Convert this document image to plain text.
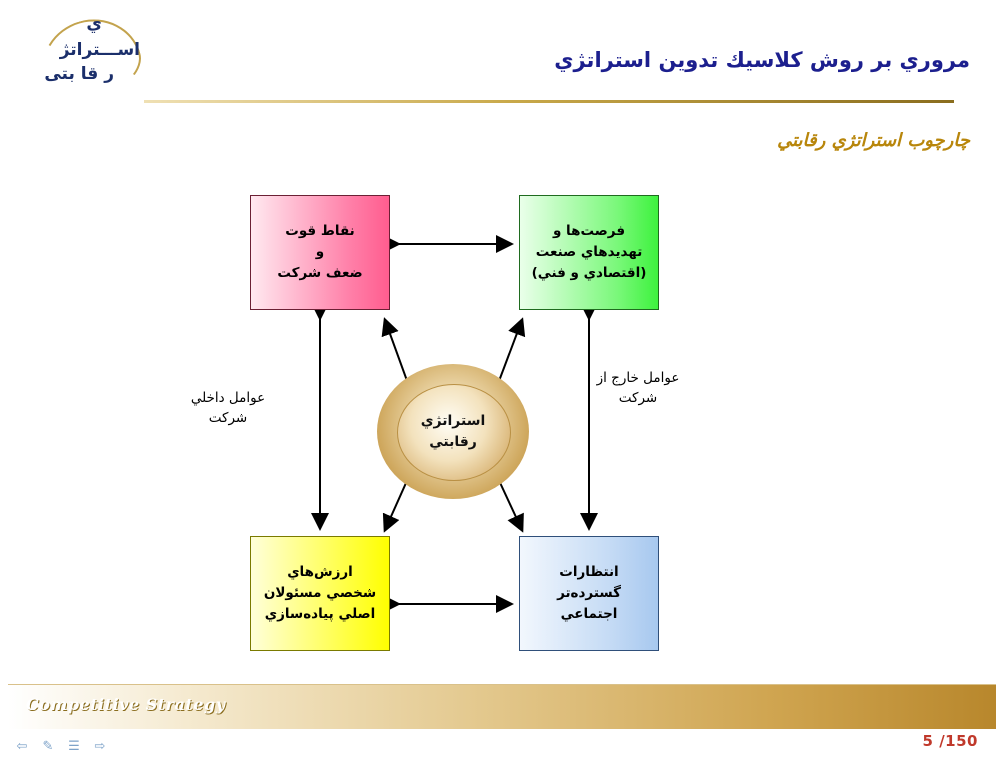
ي
اســـتراتژ
ر قا بتى
مروري بر روش كلاسيك تدوين استراتژي
چارچوب استراتژي رقابتي
نقاط قوت
و
ضعف شركت
فرصت‌ها و
تهديدهاي صنعت
(اقتصادي و فني)
ارزش‌هاي
شخصي مسئولان
اصلي پياده‌سازي
انتظارات
گسترده‌تر
اجتماعي
استراتژي
رقابتي
عوامل داخلي
شركت
عوامل خارج از
شركت
Competitive Strategy
5 /150
⇦ ✎ ☰ ⇨
